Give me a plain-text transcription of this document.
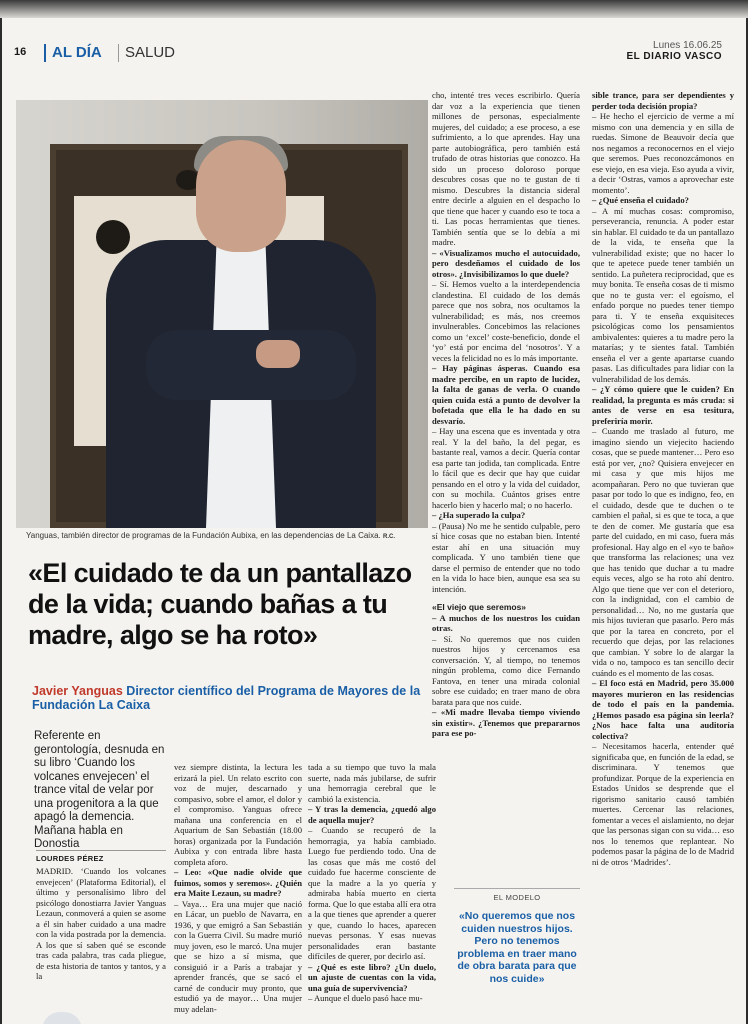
16	AL DÍA	SALUD	Lunes 16.06.25
EL DIARIO VASCO
Yanguas, también director de programas de la Fundación Aubixa, en las dependencias de La Caixa. R.C.
«El cuidado te da un pantallazo de la vida; cuando bañas a tu madre, algo se ha roto»
Javier Yanguas Director científico del Programa de Mayores de la Fundación La Caixa
Referente en gerontología, desnuda en su libro ‘Cuando los volcanes envejecen’ el trance vital de velar por una progenitora a la que apagó la demencia. Mañana habla en Donostia
LOURDES PÉREZ

MADRID. ‘Cuando los volcanes envejecen’ (Plataforma Editorial), el último y personalísimo libro del psicólogo donostiarra Javier Yanguas Lezaun, conmoverá a quien se asome a él sin haber cuidado a una madre con la vida postrada por la demencia. A los que sí saben qué se esconde tras cada palabra, tras cada pliegue, de esta historia de tantos y tantos, y a la

vez siempre distinta, la lectura les erizará la piel. Un relato escrito con voz de mujer, descarnado y compasivo, sobre el amor, el dolor y el compromiso. Yanguas ofrece mañana una conferencia en el Aquarium de San Sebastián (18.00 horas) organizada por la Fundación Aubixa y con entrada libre hasta completa aforo.

– Leo: «Que nadie olvide que fuimos, somos y seremos». ¿Quién era Maite Lezaun, su madre?

– Vaya… Era una mujer que nació en Lácar, un pueblo de Navarra, en 1936, y que emigró a San Sebastián con la Guerra Civil. Su madre murió muy joven, eso le marcó. Una mujer que se hizo a sí misma, que consiguió ir a París a trabajar y aprender francés, que se sacó el carné de conducir muy pronto, que estudió ya de mayor… Una mujer muy adelan-

tada a su tiempo que tuvo la mala suerte, nada más jubilarse, de sufrir una hemorragia cerebral que le cambió la existencia.

– Y tras la demencia, ¿quedó algo de aquella mujer?

– Cuando se recuperó de la hemorragia, ya había cambiado. Luego fue perdiendo todo. Una de las cosas que más me costó del cuidado fue hacerme consciente de que la madre a la yo quería y admiraba había muerto en cierta forma. Que lo que estaba allí era otra a la que tienes que aprender a querer y que, cuando lo haces, aparecen nuevas personas. Y esas nuevas personalidades eran bastante difíciles de querer, por decirlo así.

– ¿Qué es este libro? ¿Un duelo, un ajuste de cuentas con la vida, una guía de supervivencia?

– Aunque el duelo pasó hace mu-

cho, intenté tres veces escribirlo. Quería dar voz a la experiencia que tienen millones de personas, especialmente mujeres, del cuidado; a ese proceso, a ese sufrimiento, a lo que aprendes. Hay una parte autobiográfica, pero también está trufado de otras historias que conozco. Ha sido un proceso doloroso porque descubres cosas que no te gustan de ti mismo. Descubres la distancia sideral entre decirle a alguien en el despacho lo que tiene que hacer y cuando eso te toca a ti. Las pocas herramientas que tienes. También sentía que se lo debía a mi madre.

– «Visualizamos mucho el autocuidado, pero desdeñamos el cuidado de los otros». ¿Invisibilizamos lo que duele?

– Sí. Hemos vuelto a la interdependencia clandestina. El cuidado de los demás parece que nos sobra, nos ocultamos la vulnerabilidad; es más, nos creemos invulnerables. Concebimos las relaciones como un ‘excel’ coste-beneficio, donde el ‘yo’ está por encima del ‘nosotros’. Y a veces la felicidad no es lo más importante.

– Hay páginas ásperas. Cuando esa madre percibe, en un rapto de lucidez, la falta de ganas de verla. O cuando quien cuida está a punto de devolver la bofetada que ella le ha dado en su desvarío.

– Hay una escena que es inventada y otra real. Y la del baño, la del pegar, es bastante real, vamos a decir. Quería contar esa parte tan jodida, tan complicada. Entre lo fácil que es decir que hay que cuidar pensando en el otro y la vida del cuidador, con su mochila. Cuántos grises entre hacerlo bien y hacerlo mal; o no hacerlo.

– ¿Ha superado la culpa?

– (Pausa) No me he sentido culpable, pero sí hice cosas que no estaban bien. Intenté estar ahí en una situación muy complicada. Y uno también tiene que darse el permiso de entender que no todo en la vida lo hace bien, aunque esa sea su intención.

«El viejo que seremos»

– A muchos de los nuestros los cuidan otras.

– Sí. No queremos que nos cuiden nuestros hijos y cercenamos esa conversación. Y, al tiempo, no tenemos ningún problema, como dice Fernando Fantova, en tener una mirada colonial sobre ese cuidado; en traer mano de obra barata para que nos cuide.

– «Mi madre llevaba tiempo viviendo sin existir». ¿Tenemos que prepararnos para ese po-

EL MODELO
«No queremos que nos cuiden nuestros hijos. Pero no tenemos problema en traer mano de obra barata para que nos cuide»

sible trance, para ser dependientes y perder toda decisión propia?

– He hecho el ejercicio de verme a mí mismo con una demencia y en silla de ruedas. Simone de Beauvoir decía que nos negamos a reconocernos en el viejo que seremos. Pues reconozcámonos en ese viejo, en esa vieja. Eso ayuda a vivir, a decir ‘Ostras, vamos a aprovechar este momento’.

– ¿Qué enseña el cuidado?

– A mí muchas cosas: compromiso, perseverancia, renuncia. A poder estar sin hablar. El cuidado te da un pantallazo de la vida, te enseña que la vulnerabilidad existe; que no hacer lo que te apetece puede tener también un sentido. La puñetera reciprocidad, que es muy bonita. Te enseña cosas de ti mismo que no te gusta ver: el egoísmo, el enfado porque no puedes tener tiempo para ti. Y te enseña exquisiteces psicológicas como los pensamientos ambivalentes: quieres a tu madre pero la matarías; y te sientes fatal. También enseña el ver a gente apartarse cuando pasas. Las dificultades para lidiar con la vulnerabilidad de los demás.

– ¿Y cómo quiere que le cuiden? En realidad, la pregunta es más cruda: si antes de verse en esa tesitura, preferiría morir.

– Cuando me traslado al futuro, me imagino siendo un viejecito haciendo cosas, que se puede mantener… Pero eso está por ver, ¿no? Quisiera envejecer en mi casa y que mis hijos me acompañaran. Pero no que tuvieran que pasar por todo lo que es indigno, feo, en el cuidado, desde que te duchen o te cambien el pañal, si es que te toca, a que te den de comer. Me gustaría que esa parte del cuidado, en mi caso, fuera más profesional. Hay algo en el «yo te baño» que transforma las relaciones; una vez que has tenido que duchar a tu madre equis veces, algo se ha roto ahí dentro. Algo que tiene que ver con el deterioro, con la indignidad, con el cambio de personalidad… No, no me gustaría que mis hijos tuvieran que pasarlo. Pero más que por la tarea en concreto, por el recuerdo que dejas, por las relaciones que cambian. Y sobre lo de alargar la vida o no, tampoco es tan sencillo decir cuándo es el momento de las cosas.

– El foco está en Madrid, pero 35.000 mayores murieron en las residencias de todo el país en la pandemia. ¿Hemos pasado esa página sin leerla? ¿Nos hace falta una auditoría colectiva?

– Necesitamos hacerla, entender qué significaba que, en función de la edad, se discriminara. Y tenemos que profundizar. Porque de la experiencia en Estados Unidos se desprende que el rigorismo sanitario causó también muertes. Cercenar las relaciones, fomentar a veces el aislamiento, no dejar que las personas sigan con su vida… eso nos lo tenemos que replantear. No podemos pasar la página de lo de Madrid ni de otros ‘Madrides’.
